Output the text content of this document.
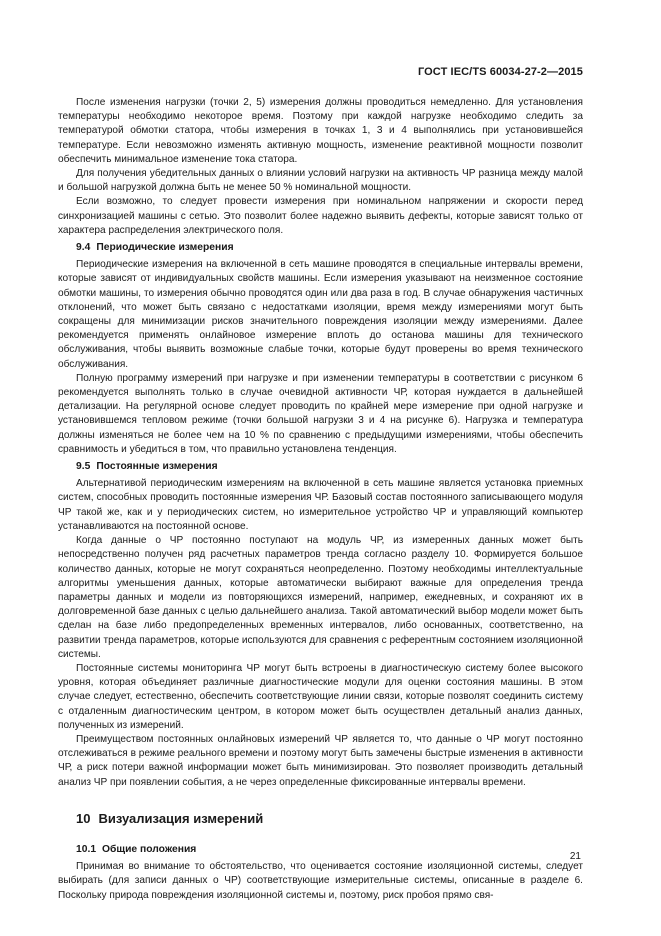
ГОСТ IEC/TS 60034-27-2—2015

После изменения нагрузки (точки 2, 5) измерения должны проводиться немедленно. Для установления температуры необходимо некоторое время. Поэтому при каждой нагрузке необходимо следить за температурой обмотки статора, чтобы измерения в точках 1, 3 и 4 выполнялись при установившейся температуре. Если невозможно изменять активную мощность, изменение реактивной мощности позволит обеспечить минимальное изменение тока статора.

Для получения убедительных данных о влиянии условий нагрузки на активность ЧР разница между малой и большой нагрузкой должна быть не менее 50 % номинальной мощности.

Если возможно, то следует провести измерения при номинальном напряжении и скорости перед синхронизацией машины с сетью. Это позволит более надежно выявить дефекты, которые зависят только от характера распределения электрического поля.

9.4 Периодические измерения

Периодические измерения на включенной в сеть машине проводятся в специальные интервалы времени, которые зависят от индивидуальных свойств машины. Если измерения указывают на неизменное состояние обмотки машины, то измерения обычно проводятся один или два раза в год. В случае обнаружения частичных отклонений, что может быть связано с недостатками изоляции, время между измерениями могут быть сокращены для минимизации рисков значительного повреждения изоляции между измерениями. Далее рекомендуется применять онлайновое измерение вплоть до останова машины для технического обслуживания, чтобы выявить возможные слабые точки, которые будут проверены во время технического обслуживания.

Полную программу измерений при нагрузке и при изменении температуры в соответствии с рисунком 6 рекомендуется выполнять только в случае очевидной активности ЧР, которая нуждается в дальнейшей детализации. На регулярной основе следует проводить по крайней мере измерение при одной нагрузке и установившемся тепловом режиме (точки большой нагрузки 3 и 4 на рисунке 6). Нагрузка и температура должны изменяться не более чем на 10 % по сравнению с предыдущими измерениями, чтобы обеспечить сравнимость и убедиться в том, что правильно установлена тенденция.

9.5 Постоянные измерения

Альтернативой периодическим измерениям на включенной в сеть машине является установка приемных систем, способных проводить постоянные измерения ЧР. Базовый состав постоянного записывающего модуля ЧР такой же, как и у периодических систем, но измерительное устройство ЧР и управляющий компьютер устанавливаются на постоянной основе.

Когда данные о ЧР постоянно поступают на модуль ЧР, из измеренных данных может быть непосредственно получен ряд расчетных параметров тренда согласно разделу 10. Формируется большое количество данных, которые не могут сохраняться неопределенно. Поэтому необходимы интеллектуальные алгоритмы уменьшения данных, которые автоматически выбирают важные для определения тренда параметры данных и модели из повторяющихся измерений, например, ежедневных, и сохраняют их в долговременной базе данных с целью дальнейшего анализа. Такой автоматический выбор модели может быть сделан на базе либо предопределенных временных интервалов, либо основанных, соответственно, на развитии тренда параметров, которые используются для сравнения с референтным состоянием изоляционной системы.

Постоянные системы мониторинга ЧР могут быть встроены в диагностическую систему более высокого уровня, которая объединяет различные диагностические модули для оценки состояния машины. В этом случае следует, естественно, обеспечить соответствующие линии связи, которые позволят соединить систему с отдаленным диагностическим центром, в котором может быть осуществлен детальный анализ данных, полученных из измерений.

Преимуществом постоянных онлайновых измерений ЧР является то, что данные о ЧР могут постоянно отслеживаться в режиме реального времени и поэтому могут быть замечены быстрые изменения в активности ЧР, а риск потери важной информации может быть минимизирован. Это позволяет производить детальный анализ ЧР при появлении события, а не через определенные фиксированные интервалы времени.

10 Визуализация измерений
10.1 Общие положения

Принимая во внимание то обстоятельство, что оценивается состояние изоляционной системы, следует выбирать (для записи данных о ЧР) соответствующие измерительные системы, описанные в разделе 6. Поскольку природа повреждения изоляционной системы и, поэтому, риск пробоя прямо свя-

21
